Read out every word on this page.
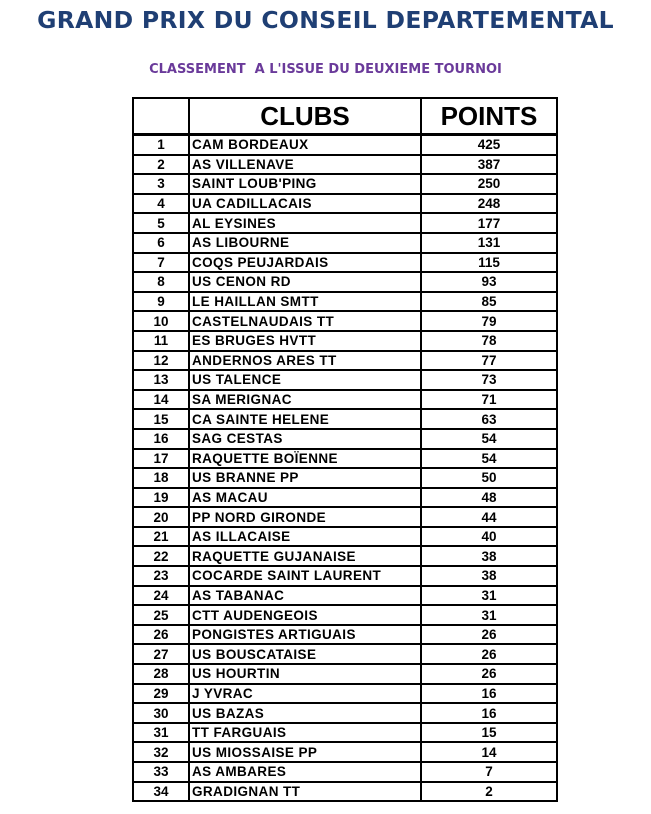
GRAND PRIX DU CONSEIL DEPARTEMENTAL
CLASSEMENT  A L'ISSUE DU DEUXIEME TOURNOI
	CLUBS	POINTS
1	CAM BORDEAUX	425
2	AS VILLENAVE	387
3	SAINT LOUB'PING	250
4	UA CADILLACAIS	248
5	AL EYSINES	177
6	AS LIBOURNE	131
7	COQS PEUJARDAIS	115
8	US CENON RD	93
9	LE HAILLAN SMTT	85
10	CASTELNAUDAIS TT	79
11	ES BRUGES HVTT	78
12	ANDERNOS ARES TT	77
13	US TALENCE	73
14	SA MERIGNAC	71
15	CA SAINTE HELENE	63
16	SAG CESTAS	54
17	RAQUETTE BOÏENNE	54
18	US BRANNE PP	50
19	AS MACAU	48
20	PP NORD GIRONDE	44
21	AS ILLACAISE	40
22	RAQUETTE GUJANAISE	38
23	COCARDE SAINT LAURENT	38
24	AS TABANAC	31
25	CTT AUDENGEOIS	31
26	PONGISTES ARTIGUAIS	26
27	US BOUSCATAISE	26
28	US HOURTIN	26
29	J YVRAC	16
30	US BAZAS	16
31	TT FARGUAIS	15
32	US MIOSSAISE PP	14
33	AS AMBARES	7
34	GRADIGNAN TT	2
